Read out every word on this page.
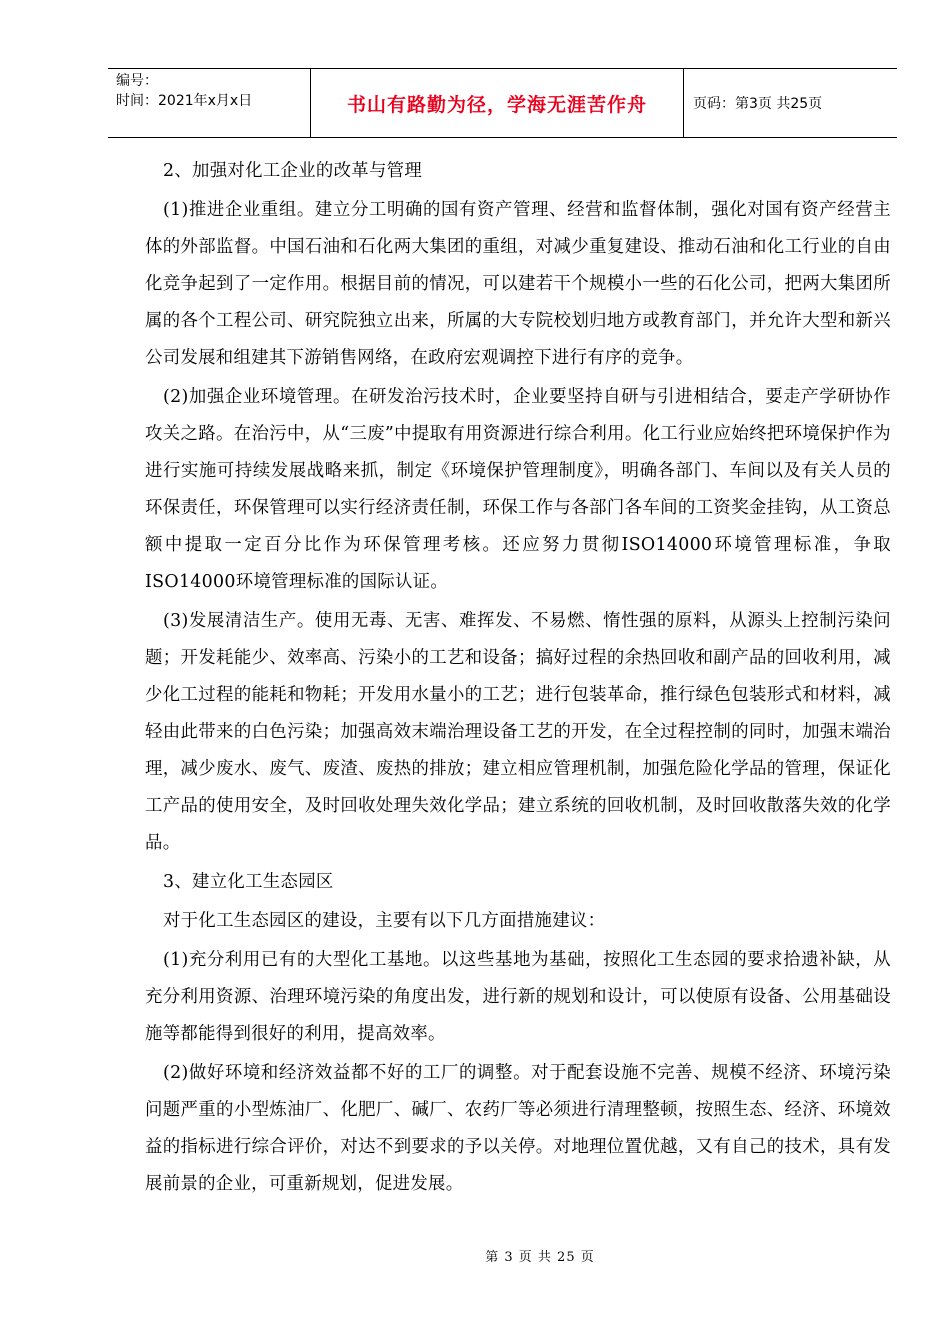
编号：
时间：2021年x月x日	书山有路勤为径，学海无涯苦作舟	页码：第3页 共25页

2、加强对化工企业的改革与管理

(1)推进企业重组。建立分工明确的国有资产管理、经营和监督体制，强化对国有资产经营主体的外部监督。中国石油和石化两大集团的重组，对减少重复建设、推动石油和化工行业的自由化竞争起到了一定作用。根据目前的情况，可以建若干个规模小一些的石化公司，把两大集团所属的各个工程公司、研究院独立出来，所属的大专院校划归地方或教育部门，并允许大型和新兴公司发展和组建其下游销售网络，在政府宏观调控下进行有序的竞争。

(2)加强企业环境管理。在研发治污技术时，企业要坚持自研与引进相结合，要走产学研协作攻关之路。在治污中，从“三废”中提取有用资源进行综合利用。化工行业应始终把环境保护作为进行实施可持续发展战略来抓，制定《环境保护管理制度》，明确各部门、车间以及有关人员的环保责任，环保管理可以实行经济责任制，环保工作与各部门各车间的工资奖金挂钩，从工资总额中提取一定百分比作为环保管理考核。还应努力贯彻ISO14000环境管理标准，争取ISO14000环境管理标准的国际认证。

(3)发展清洁生产。使用无毒、无害、难挥发、不易燃、惰性强的原料，从源头上控制污染问题；开发耗能少、效率高、污染小的工艺和设备；搞好过程的余热回收和副产品的回收利用，减少化工过程的能耗和物耗；开发用水量小的工艺；进行包装革命，推行绿色包装形式和材料，减轻由此带来的白色污染；加强高效末端治理设备工艺的开发，在全过程控制的同时，加强末端治理，减少废水、废气、废渣、废热的排放；建立相应管理机制，加强危险化学品的管理，保证化工产品的使用安全，及时回收处理失效化学品；建立系统的回收机制，及时回收散落失效的化学品。

3、建立化工生态园区

对于化工生态园区的建设，主要有以下几方面措施建议：

(1)充分利用已有的大型化工基地。以这些基地为基础，按照化工生态园的要求拾遗补缺，从充分利用资源、治理环境污染的角度出发，进行新的规划和设计，可以使原有设备、公用基础设施等都能得到很好的利用，提高效率。

(2)做好环境和经济效益都不好的工厂的调整。对于配套设施不完善、规模不经济、环境污染问题严重的小型炼油厂、化肥厂、碱厂、农药厂等必须进行清理整顿，按照生态、经济、环境效益的指标进行综合评价，对达不到要求的予以关停。对地理位置优越，又有自己的技术，具有发展前景的企业，可重新规划，促进发展。

第 3 页 共 25 页
